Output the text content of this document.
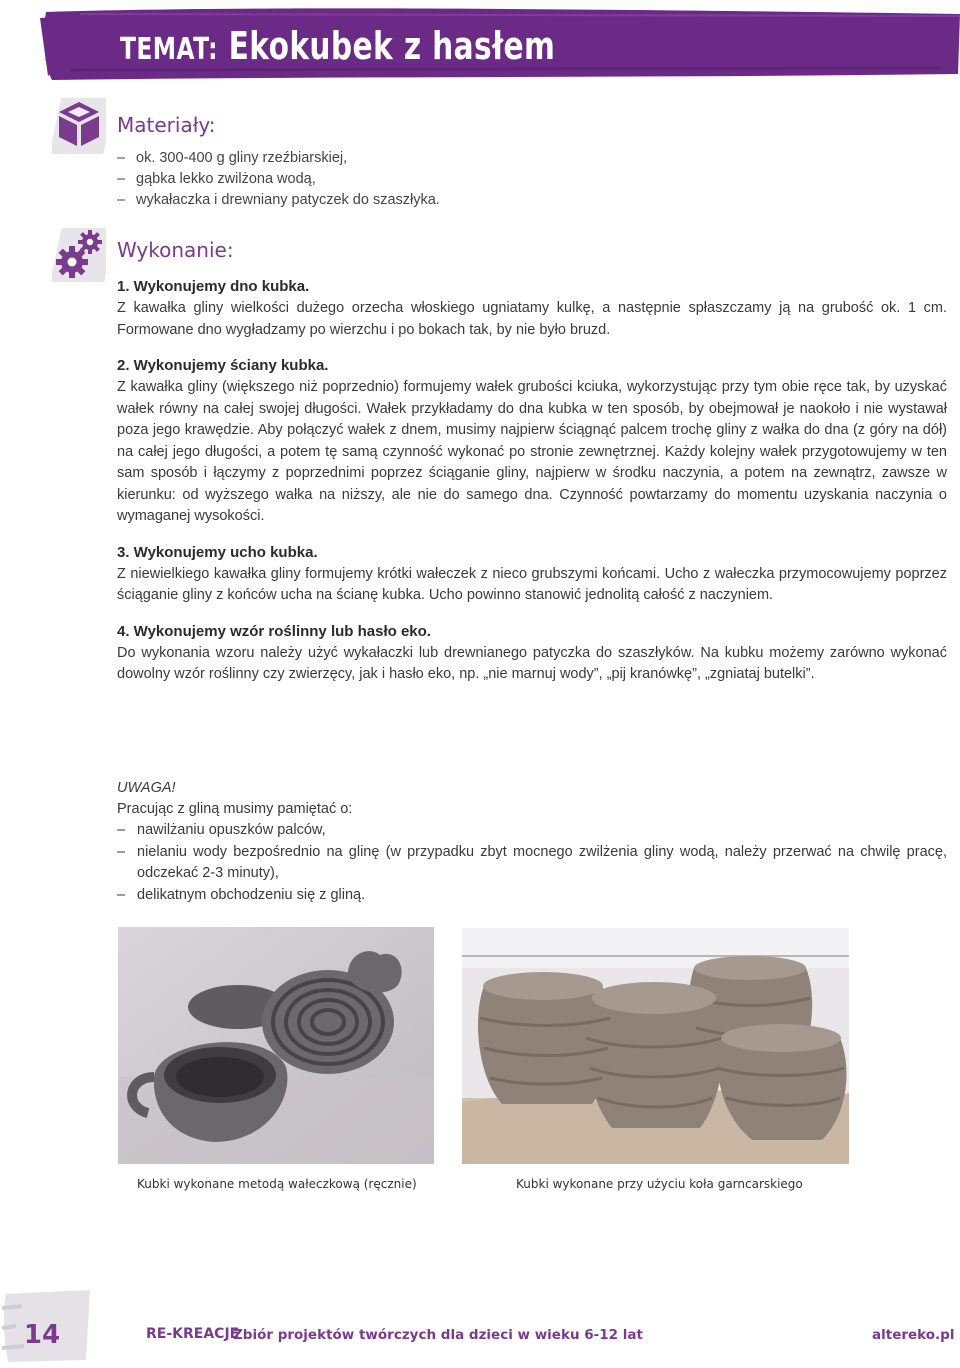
TEMAT: Ekokubek z hasłem
Materiały:
– ok. 300-400 g gliny rzeźbiarskiej,
– gąbka lekko zwilżona wodą,
– wykałaczka i drewniany patyczek do szaszłyka.
Wykonanie:
1. Wykonujemy dno kubka.
Z kawałka gliny wielkości dużego orzecha włoskiego ugniatamy kulkę, a następnie spłaszczamy ją na grubość ok. 1 cm. Formowane dno wygładzamy po wierzchu i po bokach tak, by nie było bruzd.
2. Wykonujemy ściany kubka.
Z kawałka gliny (większego niż poprzednio) formujemy wałek grubości kciuka, wykorzystując przy tym obie ręce tak, by uzyskać wałek równy na całej swojej długości. Wałek przykładamy do dna kubka w ten sposób, by obejmował je naokoło i nie wystawał poza jego krawędzie. Aby połączyć wałek z dnem, musimy najpierw ściągnąć palcem trochę gliny z wałka do dna (z góry na dół) na całej jego długości, a potem tę samą czynność wykonać po stronie zewnętrznej. Każdy kolejny wałek przygotowujemy w ten sam sposób i łączymy z poprzednimi poprzez ściąganie gliny, najpierw w środku naczynia, a potem na zewnątrz, zawsze w kierunku: od wyższego wałka na niższy, ale nie do samego dna. Czynność powtarzamy do momentu uzyskania naczynia o wymaganej wysokości.
3. Wykonujemy ucho kubka.
Z niewielkiego kawałka gliny formujemy krótki wałeczek z nieco grubszymi końcami. Ucho z wałeczka przymocowujemy poprzez ściąganie gliny z końców ucha na ścianę kubka. Ucho powinno stanowić jednolitą całość z naczyniem.
4. Wykonujemy wzór roślinny lub hasło eko.
Do wykonania wzoru należy użyć wykałaczki lub drewnianego patyczka do szaszłyków. Na kubku możemy zarówno wykonać dowolny wzór roślinny czy zwierzęcy, jak i hasło eko, np. „nie marnuj wody”, „pij kranówkę”, „zgniataj butelki”.
UWAGA!
Pracując z gliną musimy pamiętać o:
– nawilżaniu opuszków palców,
– nielaniu wody bezpośrednio na glinę (w przypadku zbyt mocnego zwilżenia gliny wodą, należy przerwać na chwilę pracę, odczekać 2-3 minuty),
– delikatnym obchodzeniu się z gliną.
Kubki wykonane metodą wałeczkową (ręcznie)	Kubki wykonane przy użyciu koła garncarskiego
14	RE-KREACJE
Zbiór projektów twórczych dla dzieci w wieku 6-12 lat	altereko.pl
